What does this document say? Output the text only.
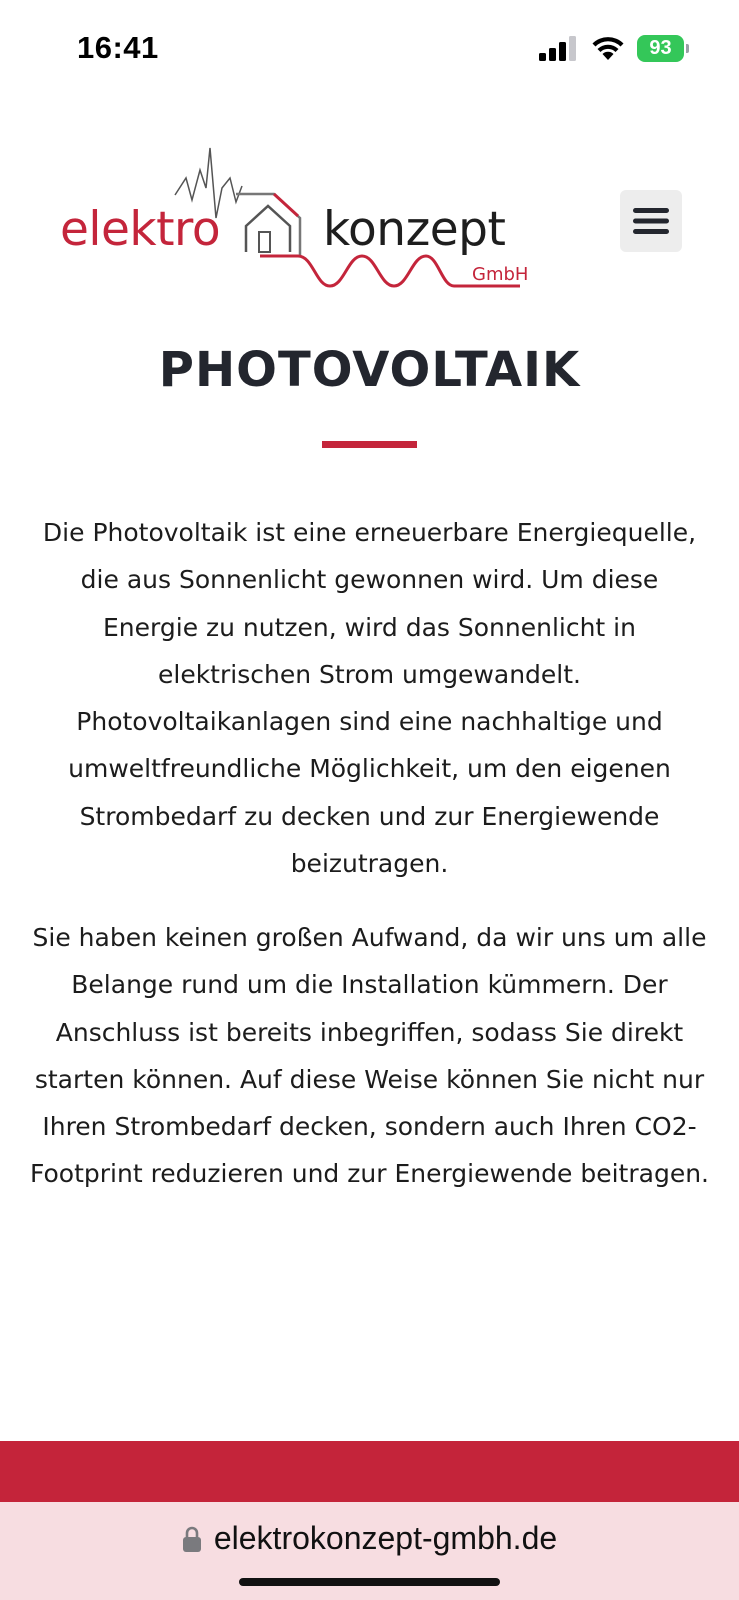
16:41	93
elektro konzept
GmbH
PHOTOVOLTAIK

Die Photovoltaik ist eine erneuerbare Energiequelle, die aus Sonnenlicht gewonnen wird. Um diese Energie zu nutzen, wird das Sonnenlicht in elektrischen Strom umgewandelt. Photovoltaikanlagen sind eine nachhaltige und umweltfreundliche Möglichkeit, um den eigenen Strombedarf zu decken und zur Energiewende beizutragen.

Sie haben keinen großen Aufwand, da wir uns um alle Belange rund um die Installation kümmern. Der Anschluss ist bereits inbegriffen, sodass Sie direkt starten können. Auf diese Weise können Sie nicht nur Ihren Strombedarf decken, sondern auch Ihren CO2-Footprint reduzieren und zur Energiewende beitragen.

elektrokonzept-gmbh.de
